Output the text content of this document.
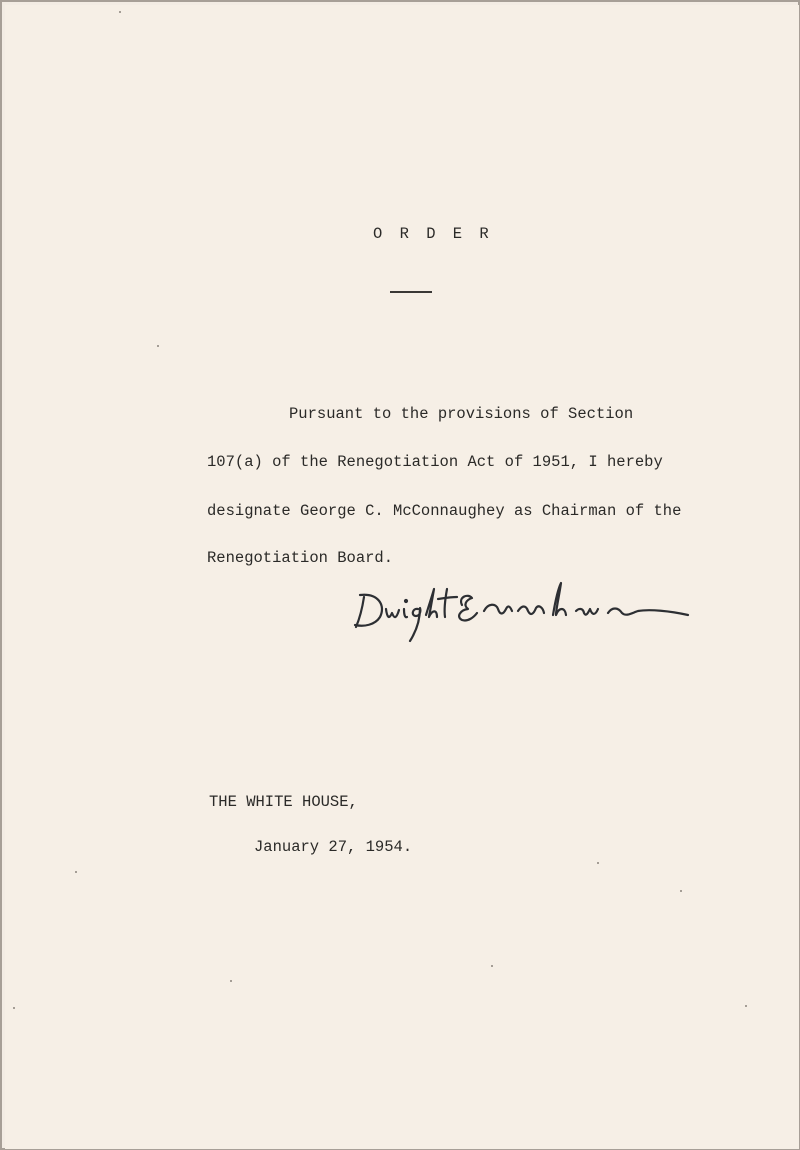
O R D E R
Pursuant to the provisions of Section
107(a) of the Renegotiation Act of 1951, I hereby
designate George C. McConnaughey as Chairman of the
Renegotiation Board.
THE WHITE HOUSE,
January 27, 1954.
